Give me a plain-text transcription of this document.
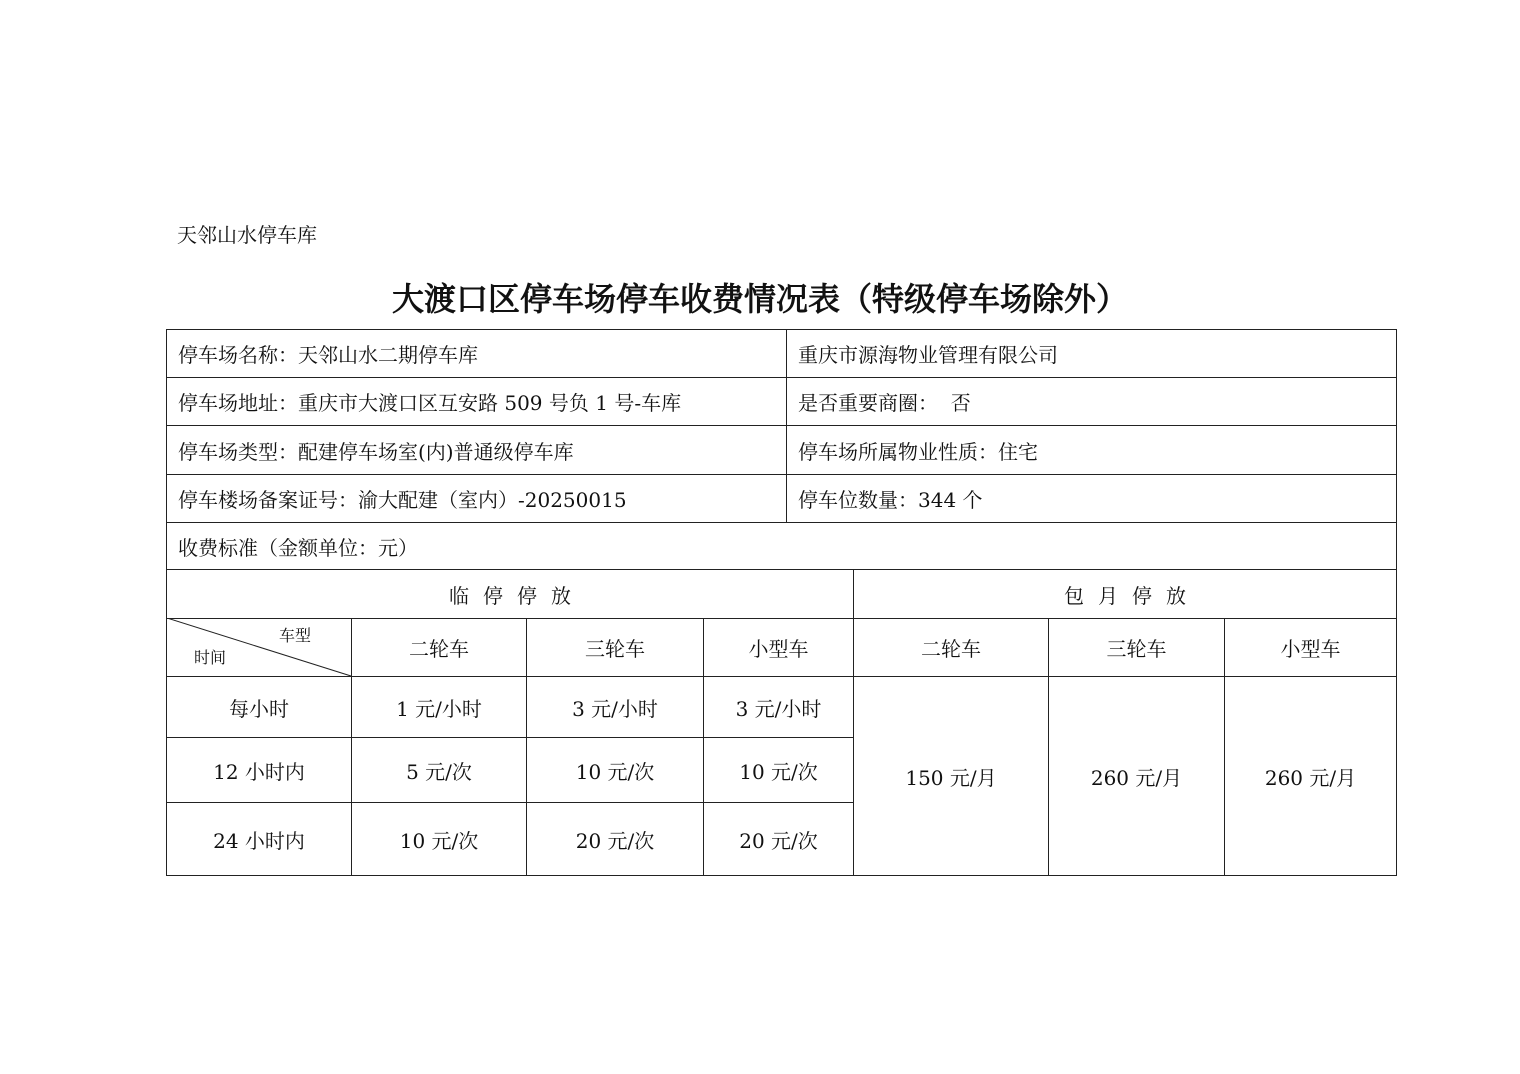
天邻山水停车库
大渡口区停车场停车收费情况表（特级停车场除外）
停车场名称：天邻山水二期停车库	重庆市源海物业管理有限公司
停车场地址：重庆市大渡口区互安路 509 号负 1 号-车库	是否重要商圈：  否
停车场类型：配建停车场室(内)普通级停车库	停车场所属物业性质：住宅
停车楼场备案证号：渝大配建（室内）-20250015	停车位数量：344 个
收费标准（金额单位：元）
临停停放	包月停放
车型
时间	二轮车	三轮车	小型车	二轮车	三轮车	小型车
每小时	1 元/小时	3 元/小时	3 元/小时
12 小时内	5 元/次	10 元/次	10 元/次
24 小时内	10 元/次	20 元/次	20 元/次
150 元/月	260 元/月	260 元/月
